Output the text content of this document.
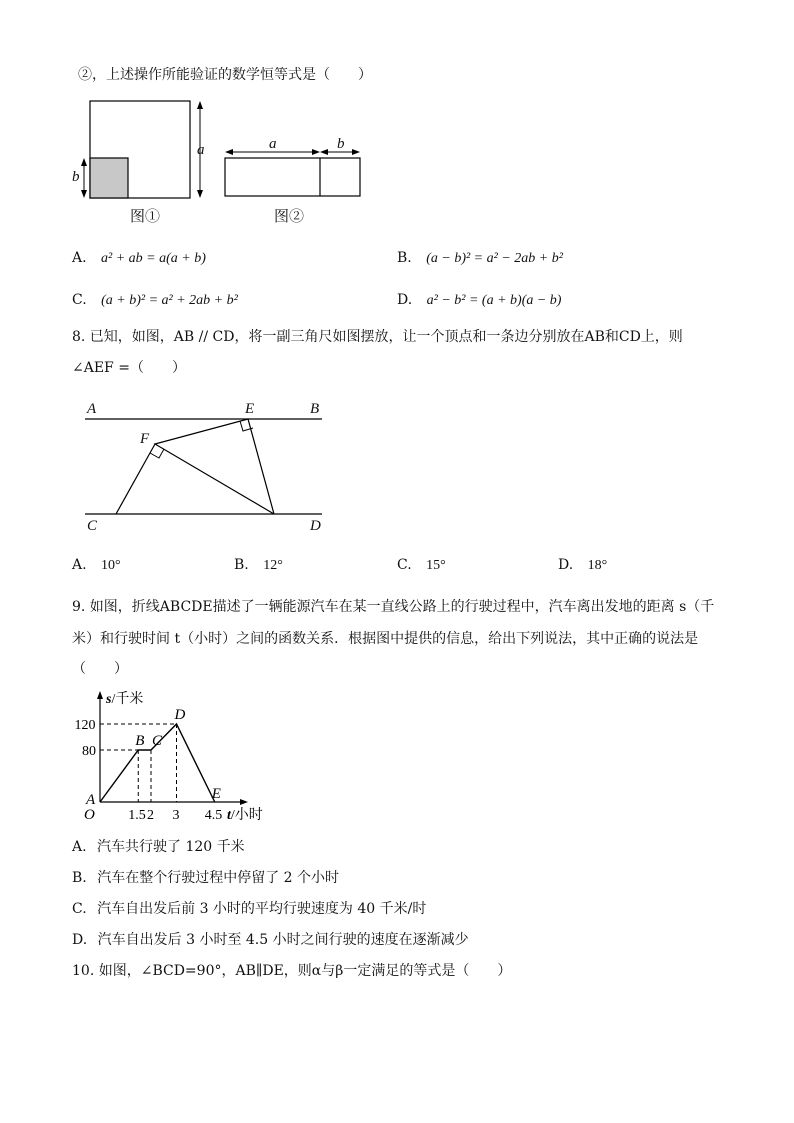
②，上述操作所能验证的数学恒等式是（　　）
a
b
图①
a	b
图②
A. a² + ab = a(a + b)	B. (a − b)² = a² − 2ab + b²
C. (a + b)² = a² + 2ab + b²	D. a² − b² = (a + b)(a − b)
8. 已知，如图，AB // CD，将一副三角尺如图摆放，让一个顶点和一条边分别放在AB和CD上，则
∠AEF =（　　）
A	E	B
F
C	D
A. 10°	B. 12°	C. 15°	D. 18°
9. 如图，折线ABCDE描述了一辆能源汽车在某一直线公路上的行驶过程中，汽车离出发地的距离 s（千
米）和行驶时间 t（小时）之间的函数关系．根据图中提供的信息，给出下列说法，其中正确的说法是
（　　）
s/千米
t/小时
O
A
B C
D
E
1.5 2 3 4.5
80
120
A. 汽车共行驶了 120 千米
B. 汽车在整个行驶过程中停留了 2 个小时
C. 汽车自出发后前 3 小时的平均行驶速度为 40 千米/时
D. 汽车自出发后 3 小时至 4.5 小时之间行驶的速度在逐渐减少
10. 如图，∠BCD=90°，AB∥DE，则α与β一定满足的等式是（　　）
